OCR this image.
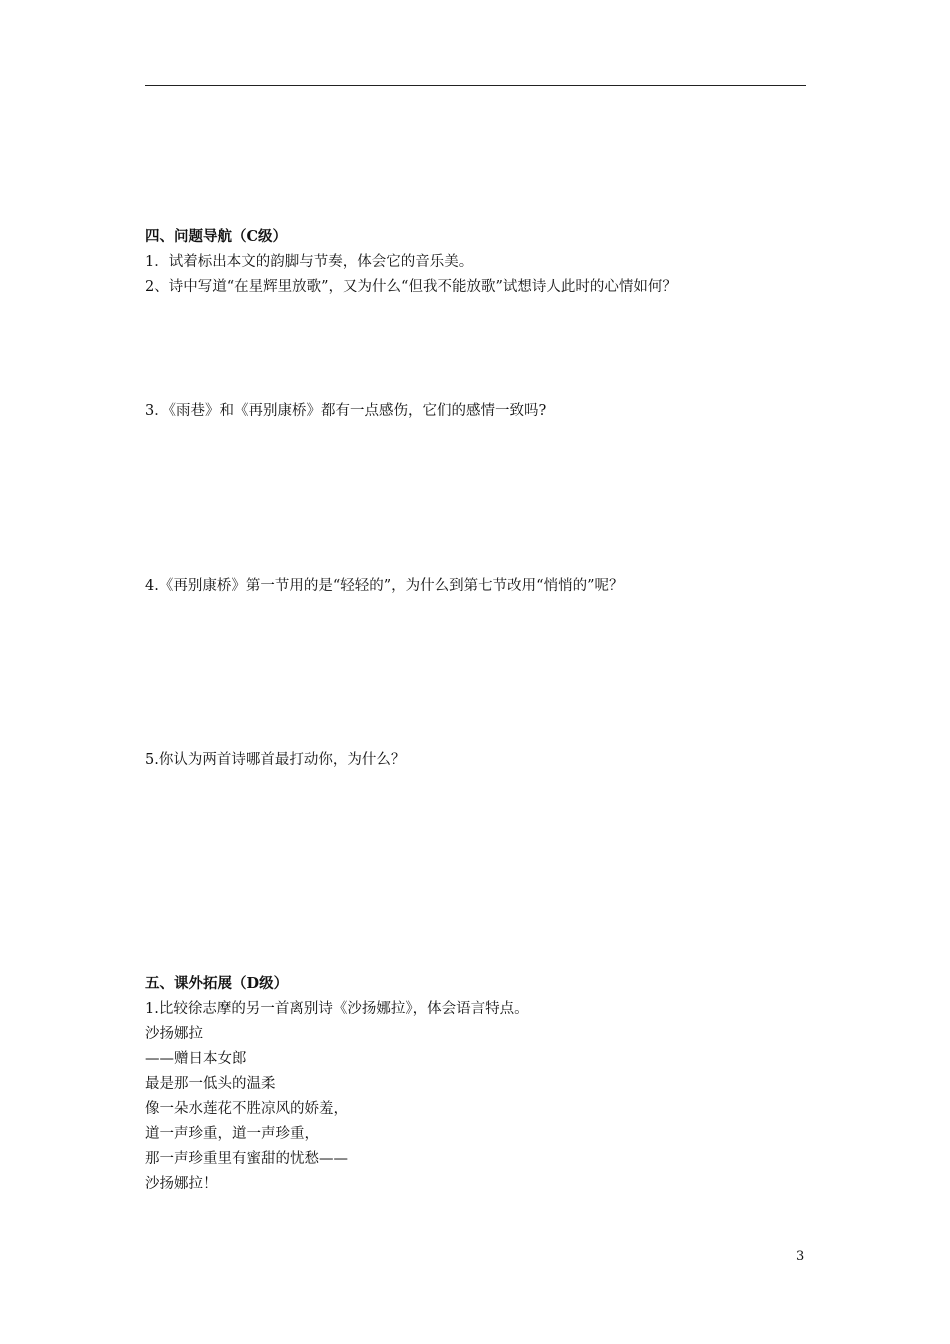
四、问题导航（C级）
1．试着标出本文的韵脚与节奏，体会它的音乐美。
2、诗中写道“在星辉里放歌”，又为什么“但我不能放歌”试想诗人此时的心情如何？
3．《雨巷》和《再别康桥》都有一点感伤，它们的感情一致吗?
4.《再别康桥》第一节用的是“轻轻的”，为什么到第七节改用“悄悄的”呢？
5.你认为两首诗哪首最打动你，为什么？
五、课外拓展（D级）
1.比较徐志摩的另一首离别诗《沙扬娜拉》，体会语言特点。
沙扬娜拉
——赠日本女郎
最是那一低头的温柔
像一朵水莲花不胜凉风的娇羞，
道一声珍重，道一声珍重，
那一声珍重里有蜜甜的忧愁——
沙扬娜拉！
3
